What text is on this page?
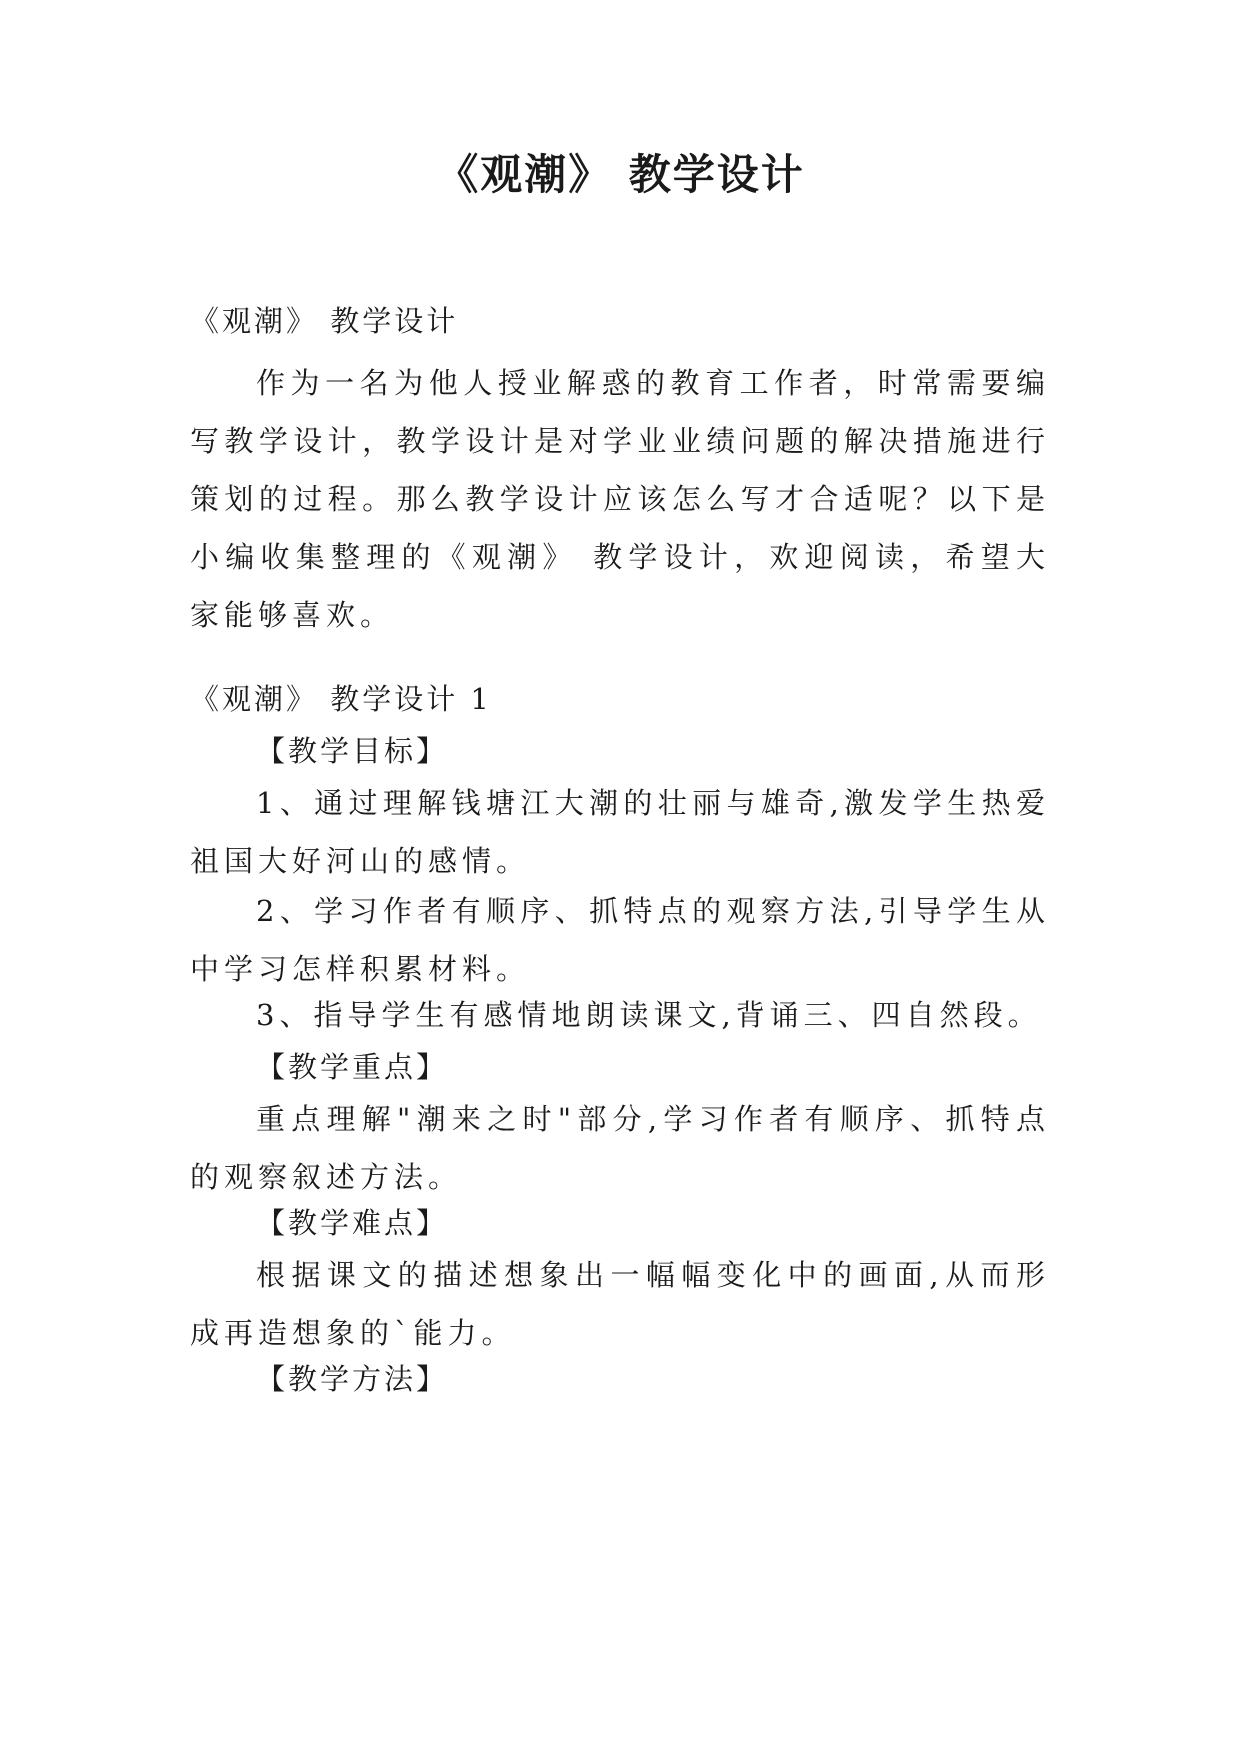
《观潮》 教学设计

《观潮》 教学设计

作为一名为他人授业解惑的教育工作者，时常需要编写教学设计，教学设计是对学业业绩问题的解决措施进行策划的过程。那么教学设计应该怎么写才合适呢？以下是小编收集整理的《观潮》 教学设计，欢迎阅读，希望大家能够喜欢。

《观潮》 教学设计 1

【教学目标】

1、通过理解钱塘江大潮的壮丽与雄奇,激发学生热爱祖国大好河山的感情。

2、学习作者有顺序、抓特点的观察方法,引导学生从中学习怎样积累材料。

3、指导学生有感情地朗读课文,背诵三、四自然段。

【教学重点】

重点理解"潮来之时"部分,学习作者有顺序、抓特点的观察叙述方法。

【教学难点】

根据课文的描述想象出一幅幅变化中的画面,从而形成再造想象的`能力。

【教学方法】
